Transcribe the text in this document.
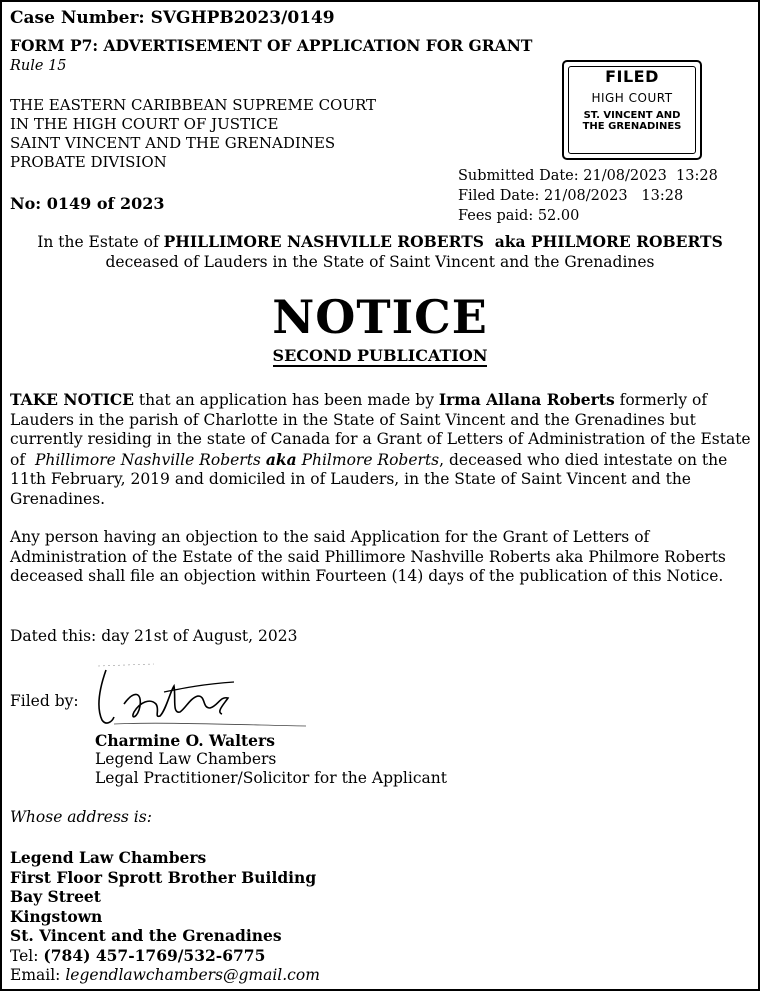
Case Number: SVGHPB2023/0149
FORM P7: ADVERTISEMENT OF APPLICATION FOR GRANT
Rule 15
THE EASTERN CARIBBEAN SUPREME COURT
IN THE HIGH COURT OF JUSTICE
SAINT VINCENT AND THE GRENADINES
PROBATE DIVISION
FILED
HIGH COURT
ST. VINCENT AND
THE GRENADINES
Submitted Date: 21/08/2023  13:28
Filed Date: 21/08/2023   13:28
Fees paid: 52.00
No: 0149 of 2023
In the Estate of PHILLIMORE NASHVILLE ROBERTS  aka PHILMORE ROBERTS deceased of Lauders in the State of Saint Vincent and the Grenadines
NOTICE
SECOND PUBLICATION
TAKE NOTICE that an application has been made by Irma Allana Roberts formerly of Lauders in the parish of Charlotte in the State of Saint Vincent and the Grenadines but currently residing in the state of Canada for a Grant of Letters of Administration of the Estate of  Phillimore Nashville Roberts aka Philmore Roberts, deceased who died intestate on the 11th February, 2019 and domiciled in of Lauders, in the State of Saint Vincent and the Grenadines.
Any person having an objection to the said Application for the Grant of Letters of Administration of the Estate of the said Phillimore Nashville Roberts aka Philmore Roberts deceased shall file an objection within Fourteen (14) days of the publication of this Notice.
Dated this: day 21st of August, 2023
Filed by:
Charmine O. Walters
Legend Law Chambers
Legal Practitioner/Solicitor for the Applicant
Whose address is:
Legend Law Chambers
First Floor Sprott Brother Building
Bay Street
Kingstown
St. Vincent and the Grenadines
Tel: (784) 457-1769/532-6775
Email: legendlawchambers@gmail.com
